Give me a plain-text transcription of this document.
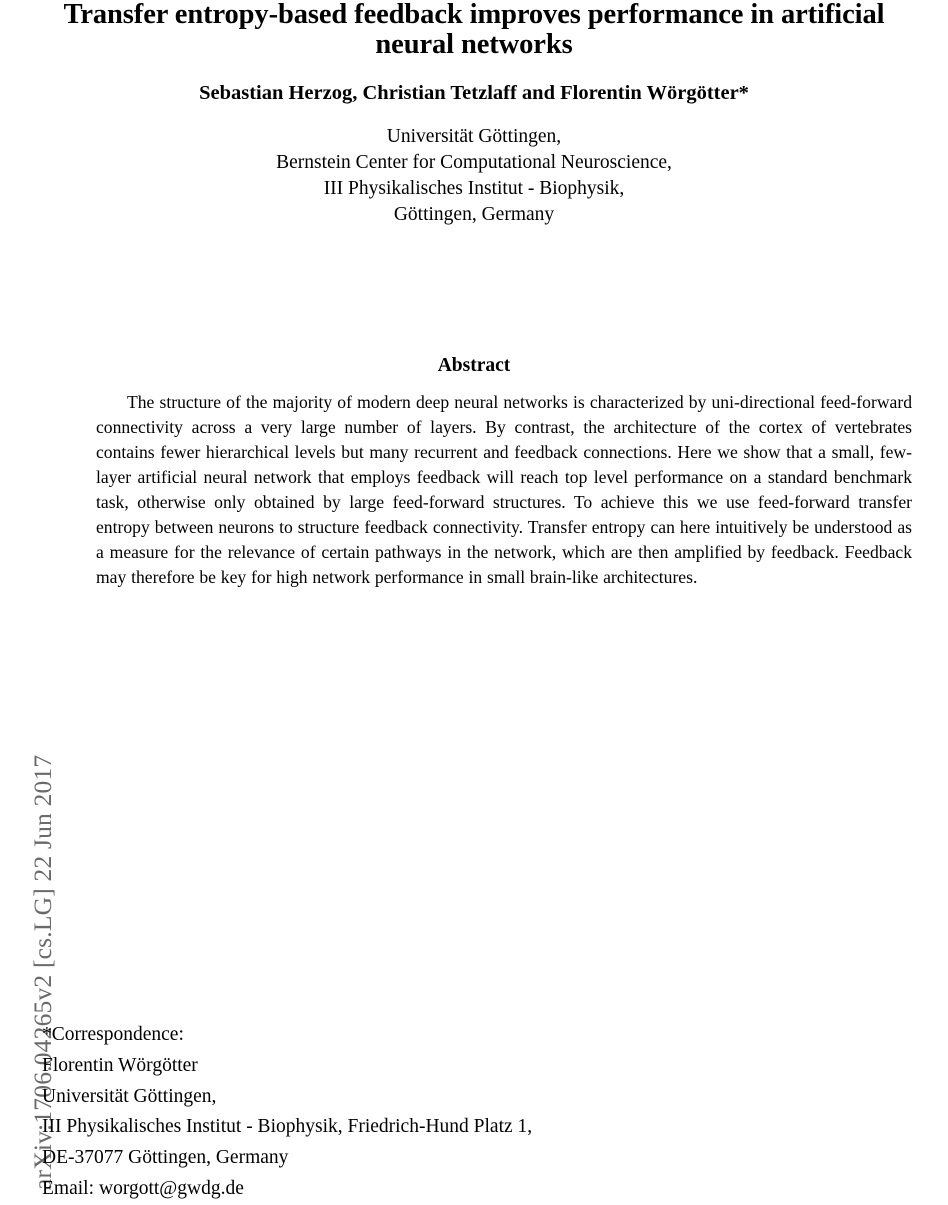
arXiv:1706.04265v2 [cs.LG] 22 Jun 2017
Transfer entropy-based feedback improves performance in artificial neural networks
Sebastian Herzog, Christian Tetzlaff and Florentin Wörgötter*
Universität Göttingen,
Bernstein Center for Computational Neuroscience,
III Physikalisches Institut - Biophysik,
Göttingen, Germany
Abstract
The structure of the majority of modern deep neural networks is characterized by uni-directional feed-forward connectivity across a very large number of layers. By contrast, the architecture of the cortex of vertebrates contains fewer hierarchical levels but many recurrent and feedback connections. Here we show that a small, few-layer artificial neural network that employs feedback will reach top level performance on a standard benchmark task, otherwise only obtained by large feed-forward structures. To achieve this we use feed-forward transfer entropy between neurons to structure feedback connectivity. Transfer entropy can here intuitively be understood as a measure for the relevance of certain pathways in the network, which are then amplified by feedback. Feedback may therefore be key for high network performance in small brain-like architectures.
*Correspondence:
Florentin Wörgötter
Universität Göttingen,
III Physikalisches Institut - Biophysik, Friedrich-Hund Platz 1,
DE-37077 Göttingen, Germany
Email: worgott@gwdg.de
